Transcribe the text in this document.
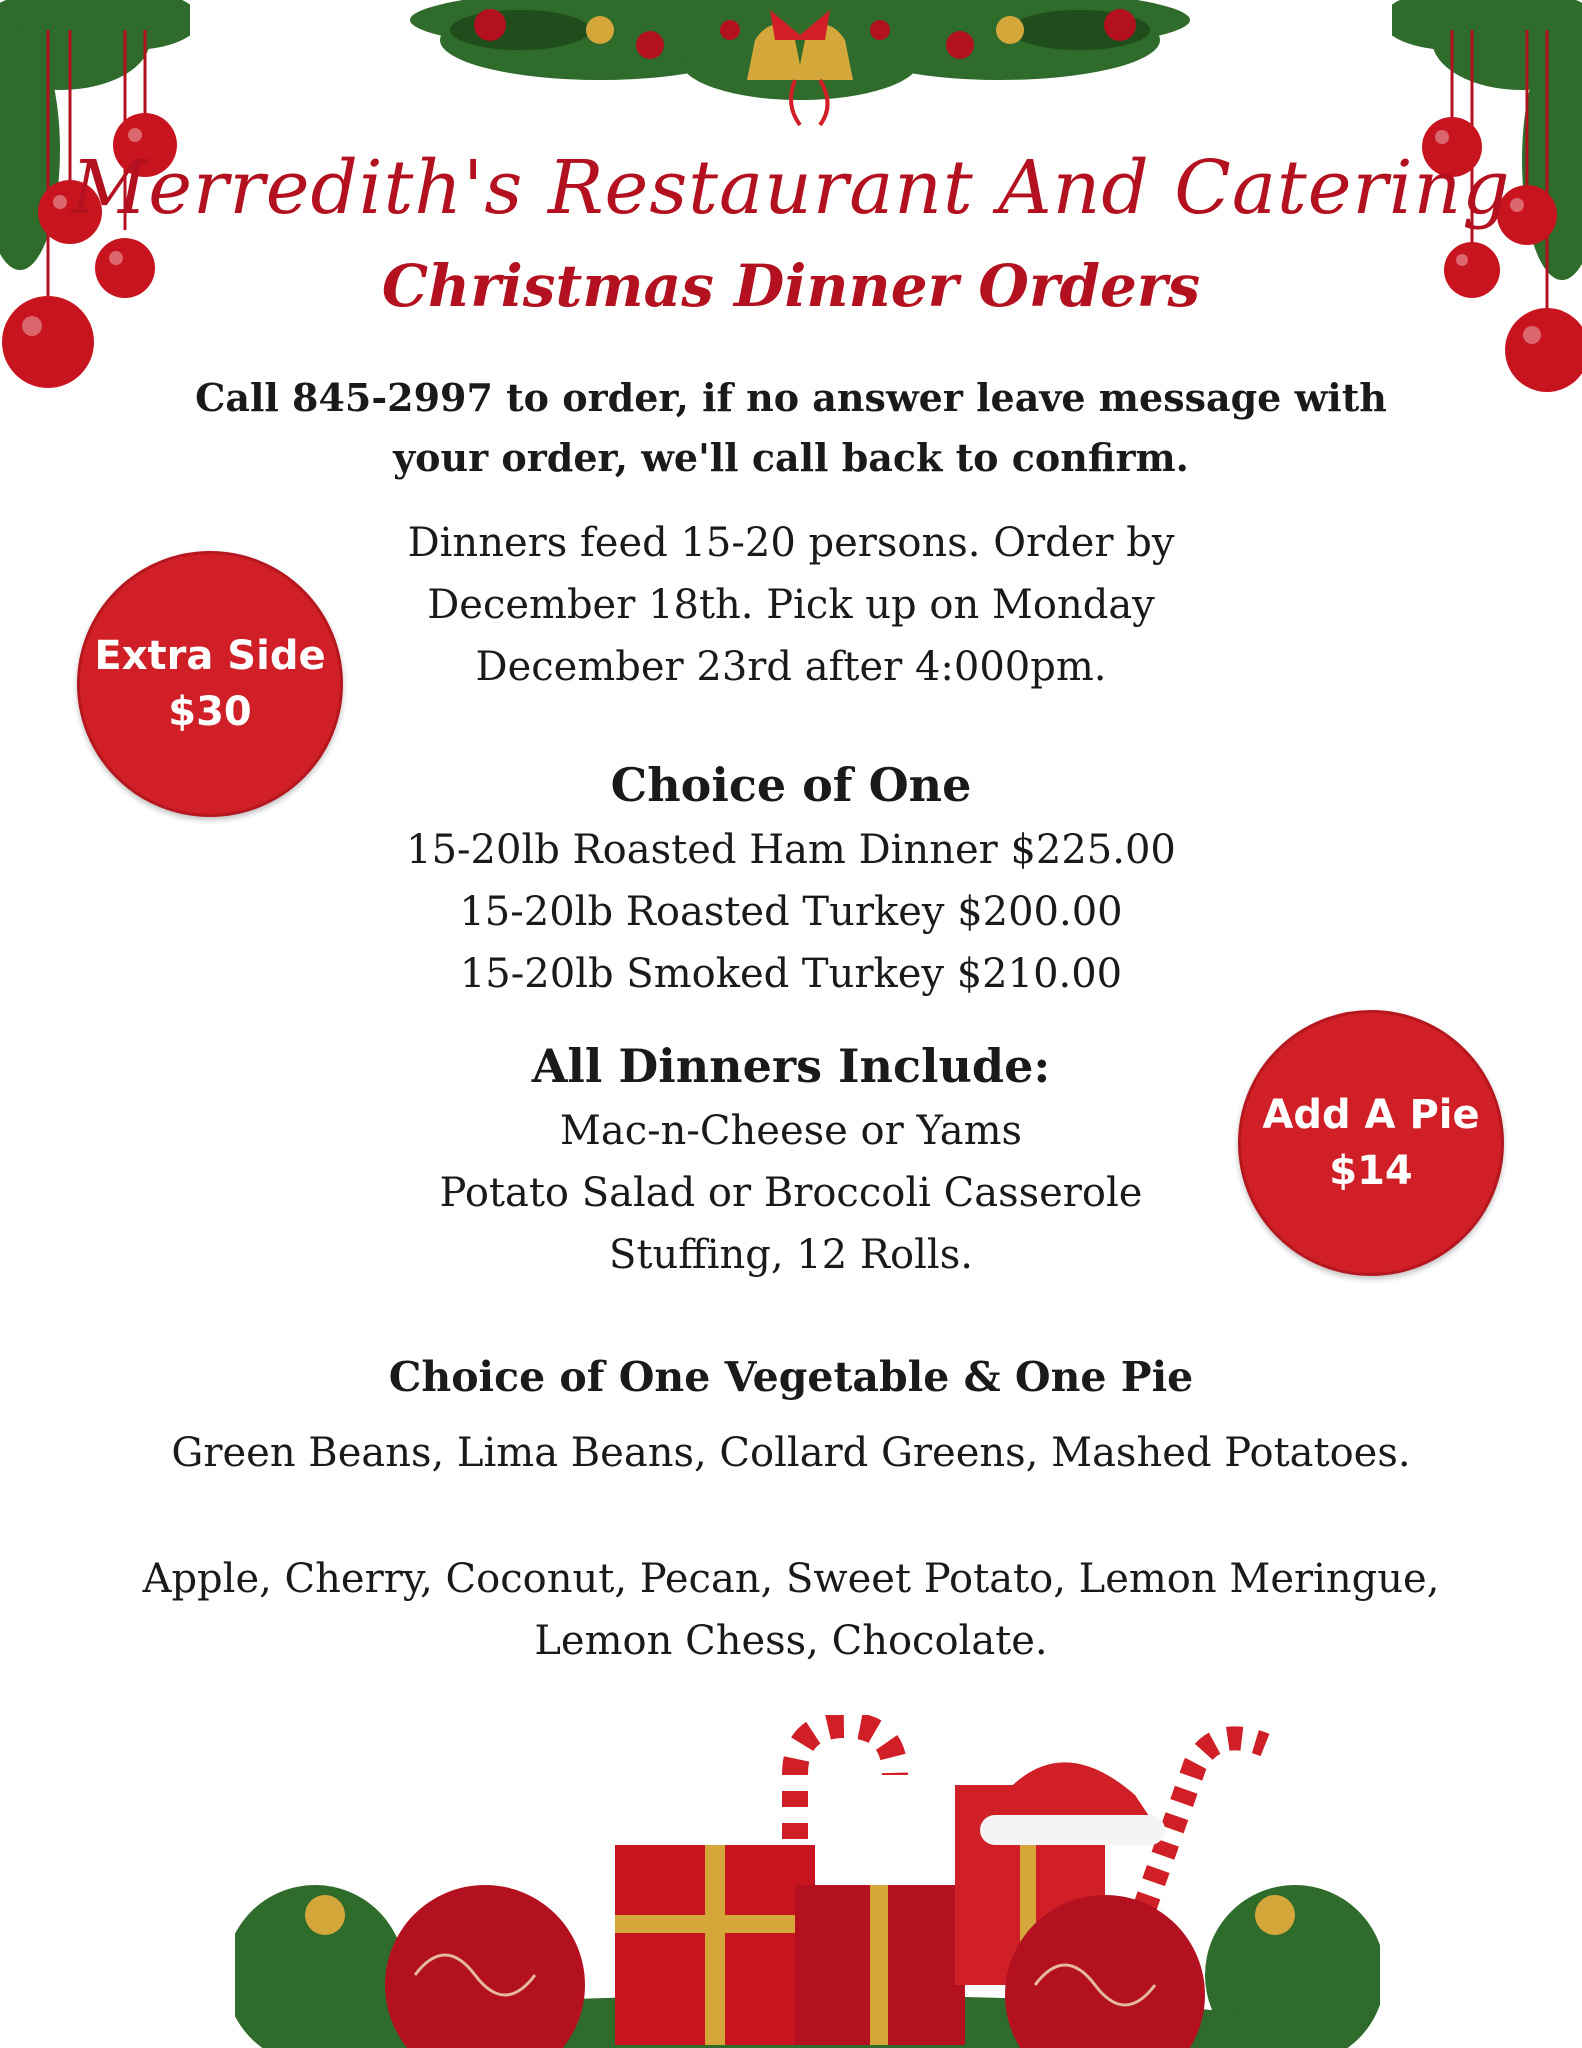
Merredith's Restaurant And Catering
Christmas Dinner Orders
Call 845-2997 to order, if no answer leave message with
your order, we'll call back to confirm.
Dinners feed 15-20 persons. Order by
December 18th. Pick up on Monday
December 23rd after 4:000pm.
Extra Side
$30
Add A Pie
$14
Choice of One
15-20lb Roasted Ham Dinner $225.00
15-20lb Roasted Turkey $200.00
15-20lb Smoked Turkey $210.00
All Dinners Include:
Mac-n-Cheese or Yams
Potato Salad or Broccoli Casserole
Stuffing, 12 Rolls.
Choice of One Vegetable & One Pie
Green Beans, Lima Beans, Collard Greens, Mashed Potatoes.
Apple, Cherry, Coconut, Pecan, Sweet Potato, Lemon Meringue,
Lemon Chess, Chocolate.
